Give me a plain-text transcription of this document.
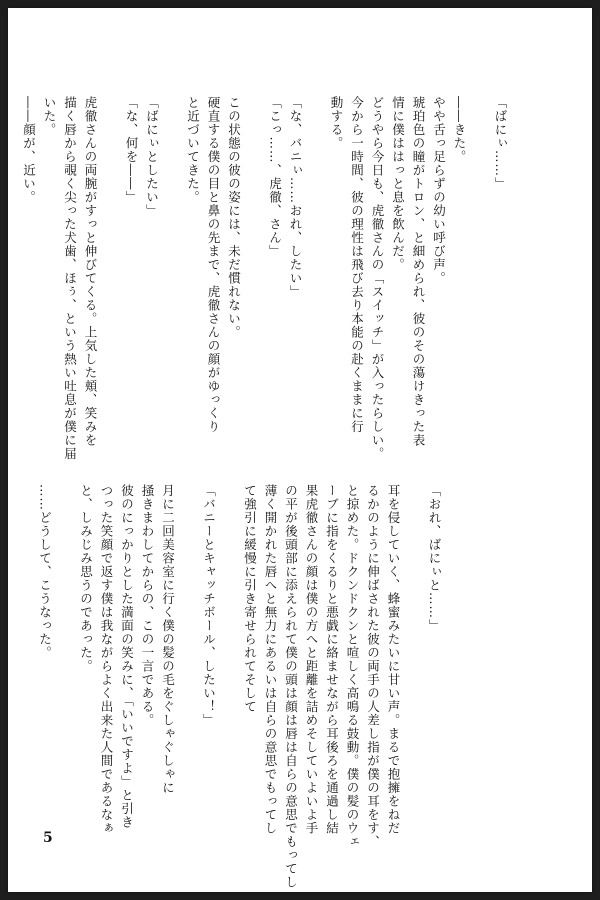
「ばにぃ……」

――きた。
やや舌っ足らずの幼い呼び声。
琥珀色の瞳がトロン、と細められ、彼のその蕩けきった表
情に僕ははっと息を飲んだ。
どうやら今日も、虎徹さんの「スイッチ」が入ったらしい。
今から一時間、彼の理性は飛び去り本能の赴くままに行
動する。

「な、バニぃ……おれ、したい」
「こっ……、虎徹、さん」

この状態の彼の姿には、未だ慣れない。
硬直する僕の目と鼻の先まで、虎徹さんの顔がゆっくり
と近づいてきた。

「ばにぃとしたい」
「な、何を――」

虎徹さんの両腕がすっと伸びてくる。上気した頬、笑みを
描く唇から覗く尖った犬歯、ほぅ、という熱い吐息が僕に届
いた。
――顔が、近い。
「おれ、ばにぃと……」

耳を侵していく、蜂蜜みたいに甘い声。まるで抱擁をねだ
るかのように伸ばされた彼の両手の人差し指が僕の耳をす、
と掠めた。ドクンドクンと喧しく高鳴る鼓動。僕の髪のウェ
ーブに指をくるりと悪戯に絡ませながら耳後ろを通過し結
果虎徹さんの顔は僕の方へと距離を詰めそしていよいよ手
の平が後頭部に添えられて僕の頭は顔は唇は自らの意思でもってし
薄く開かれた唇へと無力にあるいは自らの意思でもってし
て強引に緩慢に引き寄せられてそして

「バニーとキャッチボール、したい！」

月に二回美容室に行く僕の髪の毛をぐしゃぐしゃに
掻きまわしてからの、この一言である。
彼のにっかりとした満面の笑みに、「いいですよ」と引き
つった笑顔で返す僕は我ながらよく出来た人間であるなぁ
と、しみじみ思うのであった。

……どうして、こうなった。
5
